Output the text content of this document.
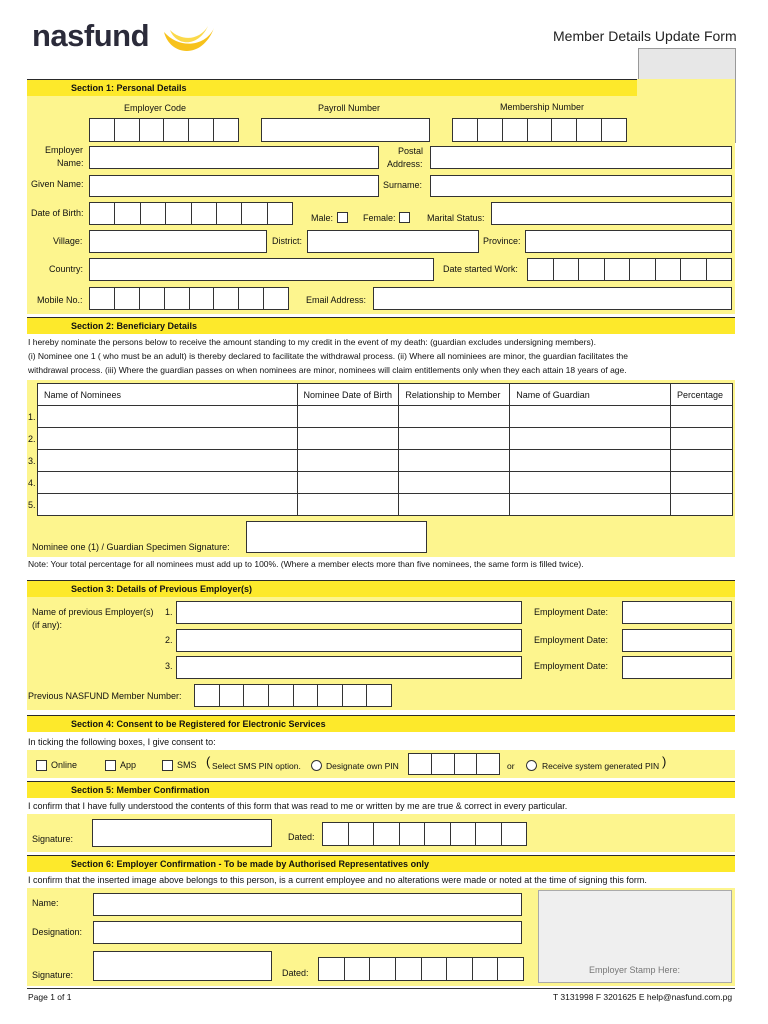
nasfund	Member Details Update Form
Section 1: Personal Details
Employer Code	Payroll Number	Membership Number
Employer
Name:
Postal
Address:
Given Name:	Surname:
Date of Birth:	Male:	Female:	Marital Status:
Village:	District:	Province:
Country:	Date started Work:
Mobile No.:	Email Address:
Section 2: Beneficiary Details
I hereby nominate the persons below to receive the amount standing to my credit in the event of my death: (guardian excludes undersigning members).
(i) Nominee one 1 ( who must be an adult) is thereby declared to facilitate the withdrawal process. (ii) Where all nominiees are minor, the guardian facilitates the
withdrawal process. (iii) Where the guardian passes on when nominees are minor, nominees will claim entitlements only when they each attain 18 years of age.
Name of Nominees	Nominee Date of Birth	Relationship to Member	Name of Guardian	Percentage

1.
2.
3.
4.
5.
Nominee one (1) / Guardian Specimen Signature:
Note: Your total percentage for all nominees must add up to 100%. (Where a member elects more than five nominees, the same form is filled twice).
Section 3: Details of Previous Employer(s)
Name of previous Employer(s)
(if any):
1.
2.
3.
Employment Date:
Employment Date:
Employment Date:
Previous NASFUND Member Number:
Section 4: Consent to be Registered for Electronic Services
In ticking the following boxes, I give consent to:
Online	App	SMS ( Select SMS PIN option.	Designate own PIN	or	Receive system generated PIN )
Section 5: Member Confirmation
I confirm that I have fully understood the contents of this form that was read to me or written by me are true & correct in every particular.
Signature:	Dated:
Section 6: Employer Confirmation - To be made by Authorised Representatives only
I confirm that the inserted image above belongs to this person, is a current employee and no alterations were made or noted at the time of signing this form.
Name:
Designation:
Signature:	Dated:	Employer Stamp Here:
Page 1 of 1	T 3131998 F 3201625 E help@nasfund.com.pg
